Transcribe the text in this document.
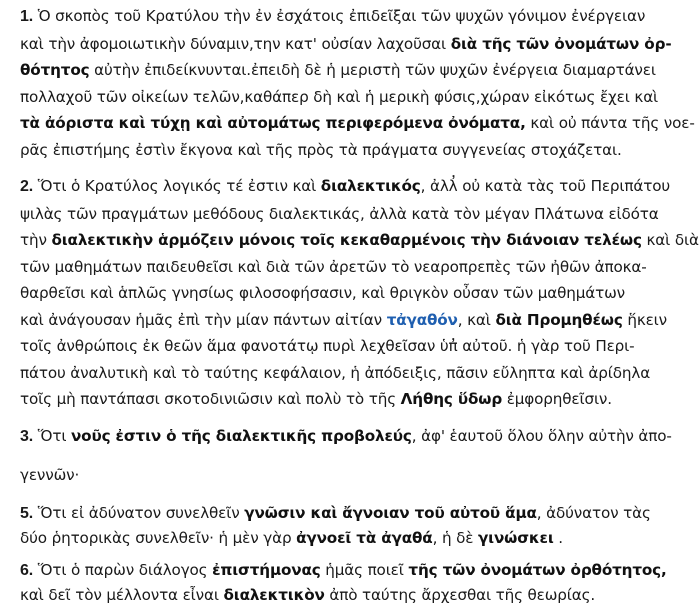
1. Ὁ σκοπὸς τοῦ Κρατύλου τὴν ἐν ἐσχάτοις ἐπιδεῖξαι τῶν ψυχῶν γόνιμον ἐνέργειαν
καὶ τὴν ἀφομοιωτικὴν δύναμιν,την κατ' οὐσίαν λαχοῦσαι διὰ τῆς τῶν ὀνομάτων ὀρ-
θότητος αὐτὴν ἐπιδείκνυνται.ἐπειδὴ δὲ ἡ μεριστὴ τῶν ψυχῶν ἐνέργεια διαμαρτάνει
πολλαχοῦ τῶν οἰκείων τελῶν,καθάπερ δὴ καὶ ἡ μερικὴ φύσις,χώραν εἰκότως ἔχει καὶ
τὰ ἀόριστα καὶ τύχῃ καὶ αὐτομάτως περιφερόμενα ὀνόματα, καὶ οὐ πάντα τῆς νοε-
ρᾶς ἐπιστήμης ἐστὶν ἔκγονα καὶ τῆς πρὸς τὰ πράγματα συγγενείας στοχάζεται.
2. Ὅτι ὁ Κρατύλος λογικός τέ ἐστιν καὶ διαλεκτικός, ἀλλ̓ οὐ κατὰ τὰς τοῦ Περιπάτου
ψιλὰς τῶν πραγμάτων μεθόδους διαλεκτικάς, ἀλλὰ κατὰ τὸν μέγαν Πλάτωνα εἰδότα
τὴν διαλεκτικὴν ἁρμόζειν μόνοις τοῖς κεκαθαρμένοις τὴν διάνοιαν τελέως καὶ διὰ
τῶν μαθημάτων παιδευθεῖσι καὶ διὰ τῶν ἀρετῶν τὸ νεαροπρεπὲς τῶν ἠθῶν ἀποκα-
θαρθεῖσι καὶ ἁπλῶς γνησίως φιλοσοφήσασιν, καὶ θριγκὸν οὖσαν τῶν μαθημάτων
καὶ ἀνάγουσαν ἡμᾶς ἐπὶ τὴν μίαν πάντων αἰτίαν τἀγαθόν, καὶ διὰ Προμηθέως ἥκειν
τοῖς ἀνθρώποις ἐκ θεῶν ἅμα φανοτάτῳ πυρὶ λεχθεῖσαν ὑπ̓ αὐτοῦ. ἡ γὰρ τοῦ Περι-
πάτου ἀναλυτικὴ καὶ τὸ ταύτης κεφάλαιον, ἡ ἀπόδειξις, πᾶσιν εὔληπτα καὶ ἀρίδηλα
τοῖς μὴ παντάπασι σκοτοδινιῶσιν καὶ πολὺ τὸ τῆς Λήθης ὕδωρ ἐμφορηθεῖσιν.
3. Ὅτι νοῦς ἐστιν ὁ τῆς διαλεκτικῆς προβολεύς, ἀφ' ἑαυτοῦ ὅλου ὅλην αὐτὴν ἀπο-
γεννῶν·
5. Ὅτι εἰ ἀδύνατον συνελθεῖν γνῶσιν καὶ ἄγνοιαν τοῦ αὐτοῦ ἅμα, ἀδύνατον τὰς
δύο ῥητορικὰς συνελθεῖν· ἡ μὲν γὰρ ἀγνοεῖ τὰ ἀγαθά, ἡ δὲ γινώσκει .
6. Ὅτι ὁ παρὼν διάλογος ἐπιστήμονας ἡμᾶς ποιεῖ τῆς τῶν ὀνομάτων ὀρθότητος,
καὶ δεῖ τὸν μέλλοντα εἶναι διαλεκτικὸν ἀπὸ ταύτης ἄρχεσθαι τῆς θεωρίας.
